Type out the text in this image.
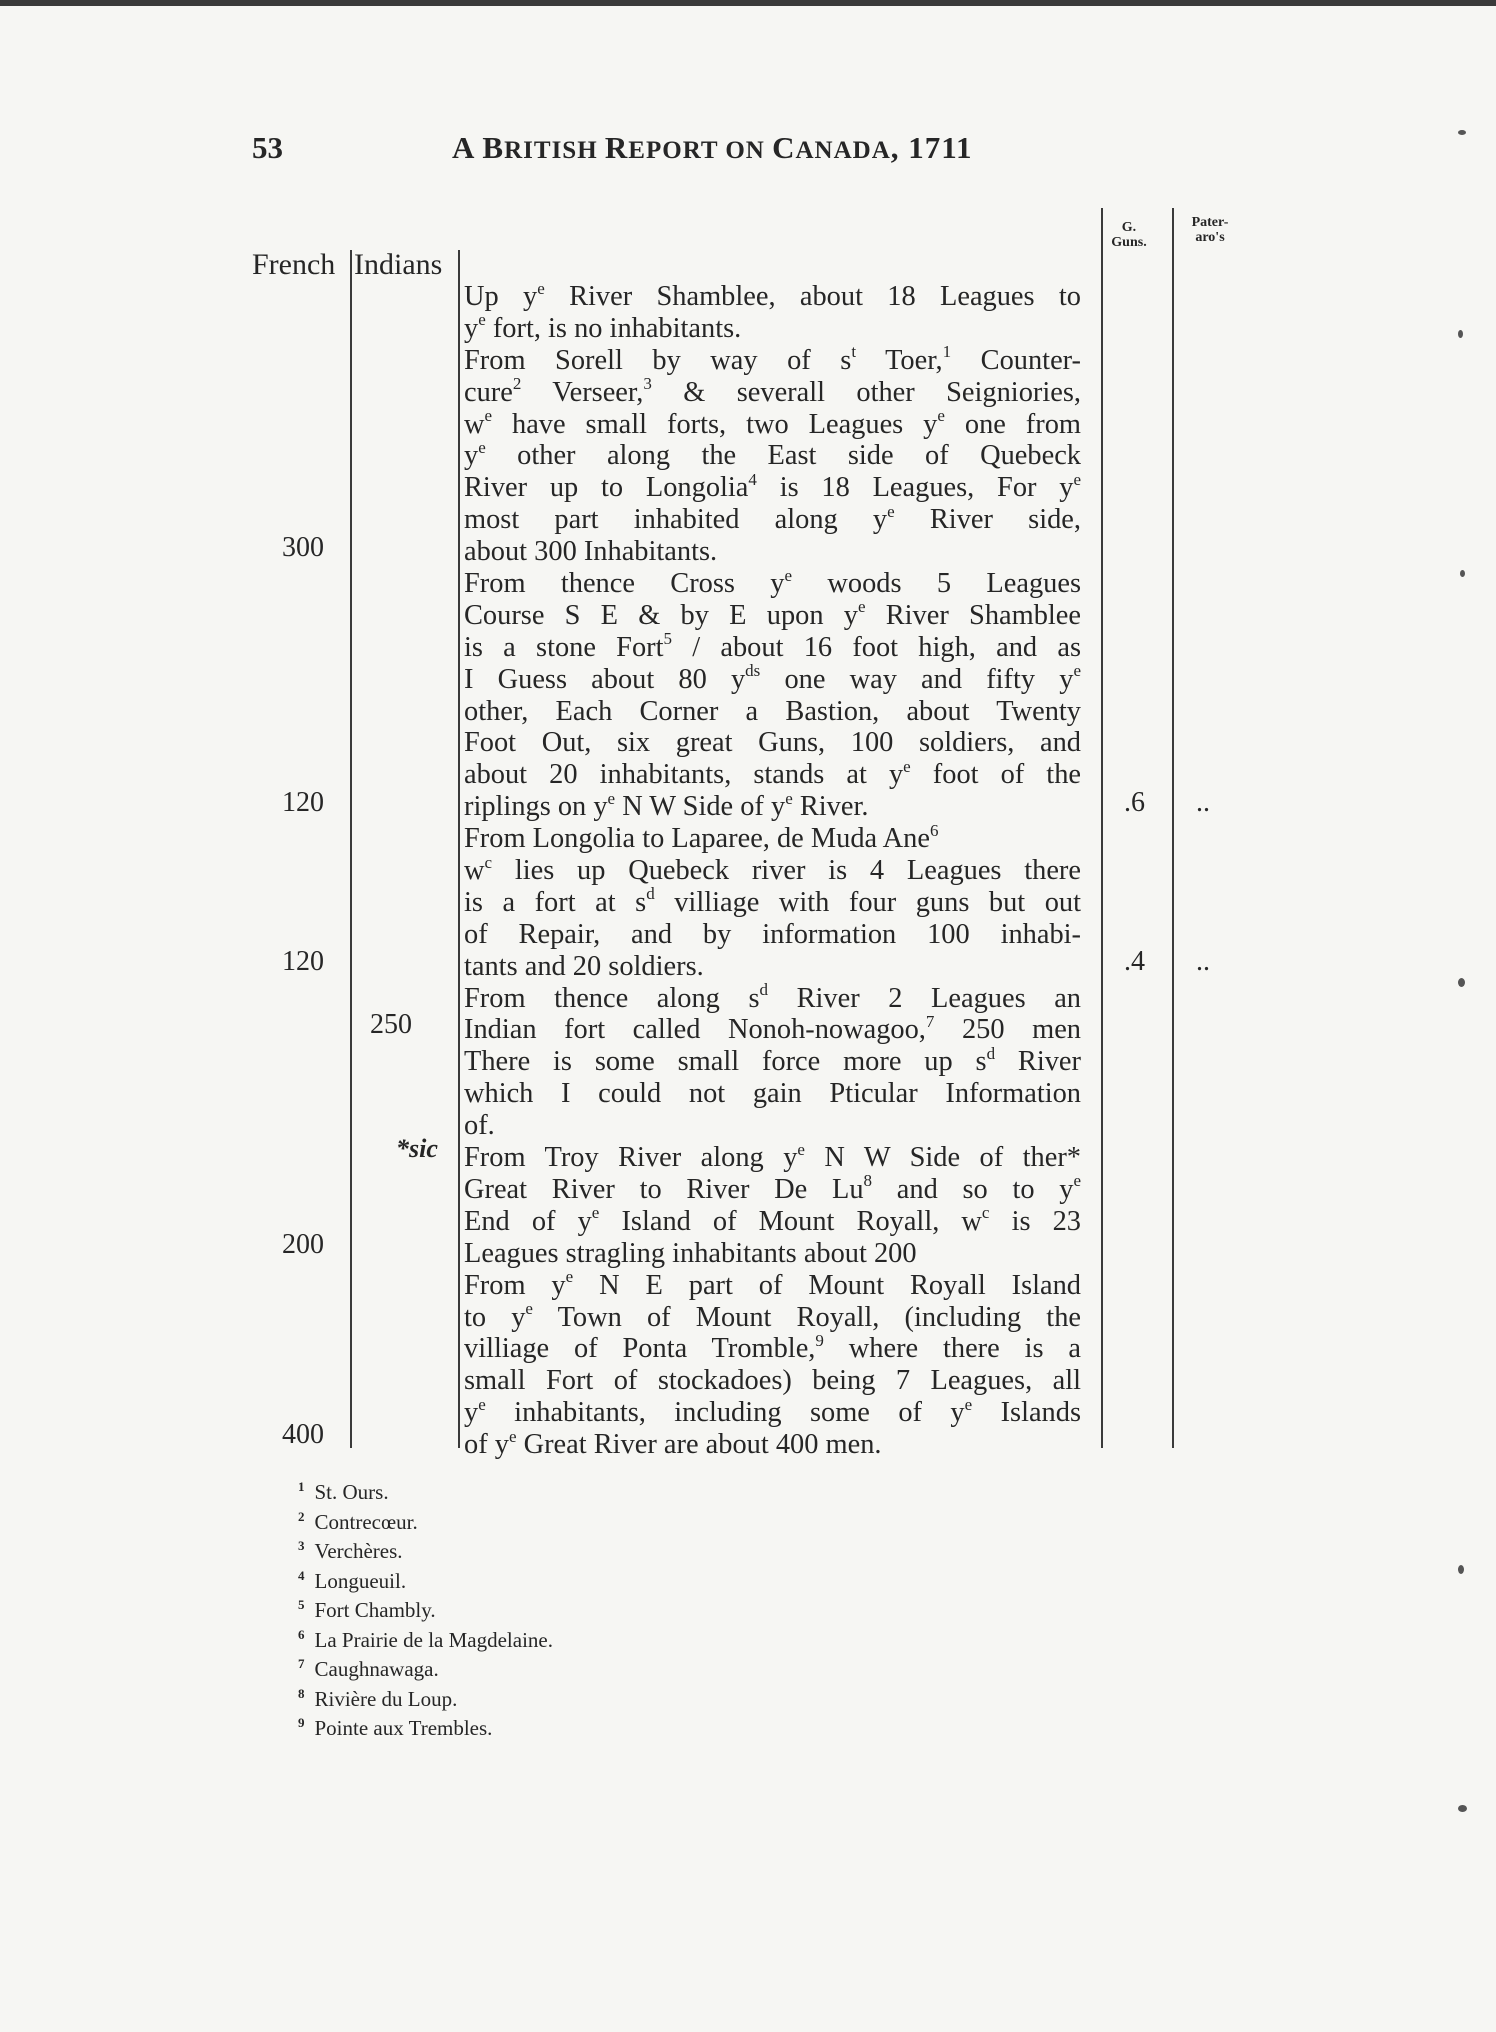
53	A BRITISH REPORT ON CANADA, 1711
French Indians
G.
Guns.
Pater-
aro's
300
120
120
200
400
250
*sic
.6
.4
..
..
Up $y^e$ River Shamblee, about 18 Leagues to
$y^e$ fort, is no inhabitants.
From Sorell by way of $s^t$ Toer,$^1$ Counter-
cure$^2$ Verseer,$^3$ & severall other Seigniories,
$w^e$ have small forts, two Leagues $y^e$ one from
$y^e$ other along the East side of Quebeck
River up to Longolia$^4$ is 18 Leagues, For $y^e$
most part inhabited along $y^e$ River side,
about 300 Inhabitants.
From thence Cross $y^e$ woods 5 Leagues
Course S E & by E upon $y^e$ River Shamblee
is a stone Fort$^5$ / about 16 foot high, and as
I Guess about 80 $y^{ds}$ one way and fifty $y^e$
other, Each Corner a Bastion, about Twenty
Foot Out, six great Guns, 100 soldiers, and
about 20 inhabitants, stands at $y^e$ foot of the
riplings on $y^e$ N W Side of $y^e$ River.
From Longolia to Laparee, de Muda Ane$^6$
$w^c$ lies up Quebeck river is 4 Leagues there
is a fort at $s^d$ villiage with four guns but out
of Repair, and by information 100 inhabi-
tants and 20 soldiers.
From thence along $s^d$ River 2 Leagues an
Indian fort called Nonoh-nowagoo,$^7$ 250 men
There is some small force more up $s^d$ River
which I could not gain Pticular Information
of.
From Troy River along $y^e$ N W Side of ther*
Great River to River De Lu$^8$ and so to $y^e$
End of $y^e$ Island of Mount Royall, $w^c$ is 23
Leagues stragling inhabitants about 200
From $y^e$ N E part of Mount Royall Island
to $y^e$ Town of Mount Royall, (including the
villiage of Ponta Tromble,$^9$ where there is a
small Fort of stockadoes) being 7 Leagues, all
$y^e$ inhabitants, including some of $y^e$ Islands
of $y^e$ Great River are about 400 men.
$^1$ St. Ours.
$^2$ Contrecœur.
$^3$ Verchères.
$^4$ Longueuil.
$^5$ Fort Chambly.
$^6$ La Prairie de la Magdelaine.
$^7$ Caughnawaga.
$^8$ Rivière du Loup.
$^9$ Pointe aux Trembles.
